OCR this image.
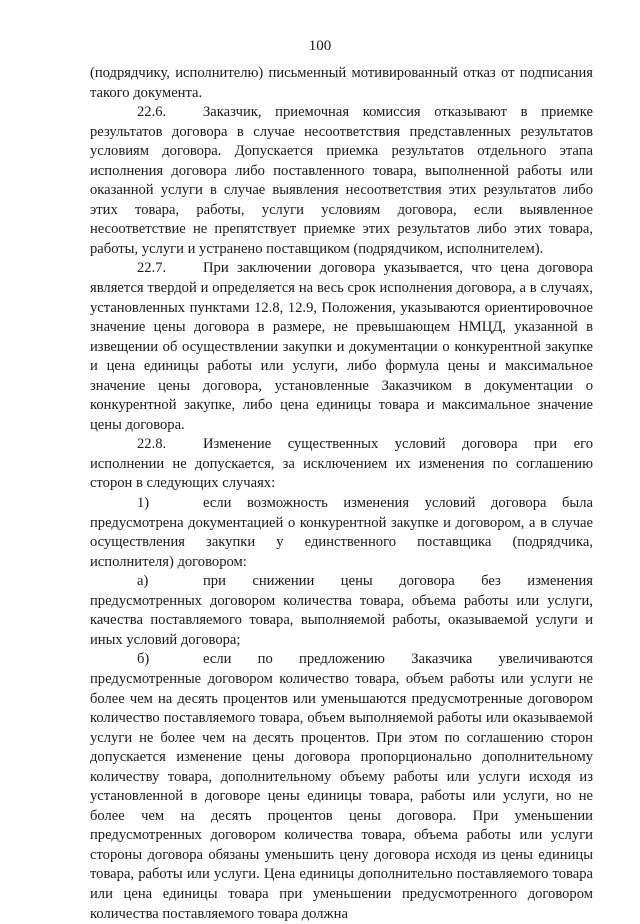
100

(подрядчику, исполнителю) письменный мотивированный отказ от подписания такого документа.

22.6.	Заказчик, приемочная комиссия отказывают в приемке результатов договора в случае несоответствия представленных результатов условиям договора. Допускается приемка результатов отдельного этапа исполнения договора либо поставленного товара, выполненной работы или оказанной услуги в случае выявления несоответствия этих результатов либо этих товара, работы, услуги условиям договора, если выявленное несоответствие не препятствует приемке этих результатов либо этих товара, работы, услуги и устранено поставщиком (подрядчиком, исполнителем).

22.7.	При заключении договора указывается, что цена договора является твердой и определяется на весь срок исполнения договора, а в случаях, установленных пунктами 12.8, 12.9, Положения, указываются ориентировочное значение цены договора в размере, не превышающем НМЦД, указанной в извещении об осуществлении закупки и документации о конкурентной закупке и цена единицы работы или услуги, либо формула цены и максимальное значение цены договора, установленные Заказчиком в документации о конкурентной закупке, либо цена единицы товара и максимальное значение цены договора.

22.8.	Изменение существенных условий договора при его исполнении не допускается, за исключением их изменения по соглашению сторон в следующих случаях:

1)	если возможность изменения условий договора была предусмотрена документацией о конкурентной закупке и договором, а в случае осуществления закупки у единственного поставщика (подрядчика, исполнителя) договором:

а)	при снижении цены договора без изменения предусмотренных договором количества товара, объема работы или услуги, качества поставляемого товара, выполняемой работы, оказываемой услуги и иных условий договора;

б)	если по предложению Заказчика увеличиваются предусмотренные договором количество товара, объем работы или услуги не более чем на десять процентов или уменьшаются предусмотренные договором количество поставляемого товара, объем выполняемой работы или оказываемой услуги не более чем на десять процентов. При этом по соглашению сторон допускается изменение цены договора пропорционально дополнительному количеству товара, дополнительному объему работы или услуги исходя из установленной в договоре цены единицы товара, работы или услуги, но не более чем на десять процентов цены договора. При уменьшении предусмотренных договором количества товара, объема работы или услуги стороны договора обязаны уменьшить цену договора исходя из цены единицы товара, работы или услуги. Цена единицы дополнительно поставляемого товара или цена единицы товара при уменьшении предусмотренного договором количества поставляемого товара должна
